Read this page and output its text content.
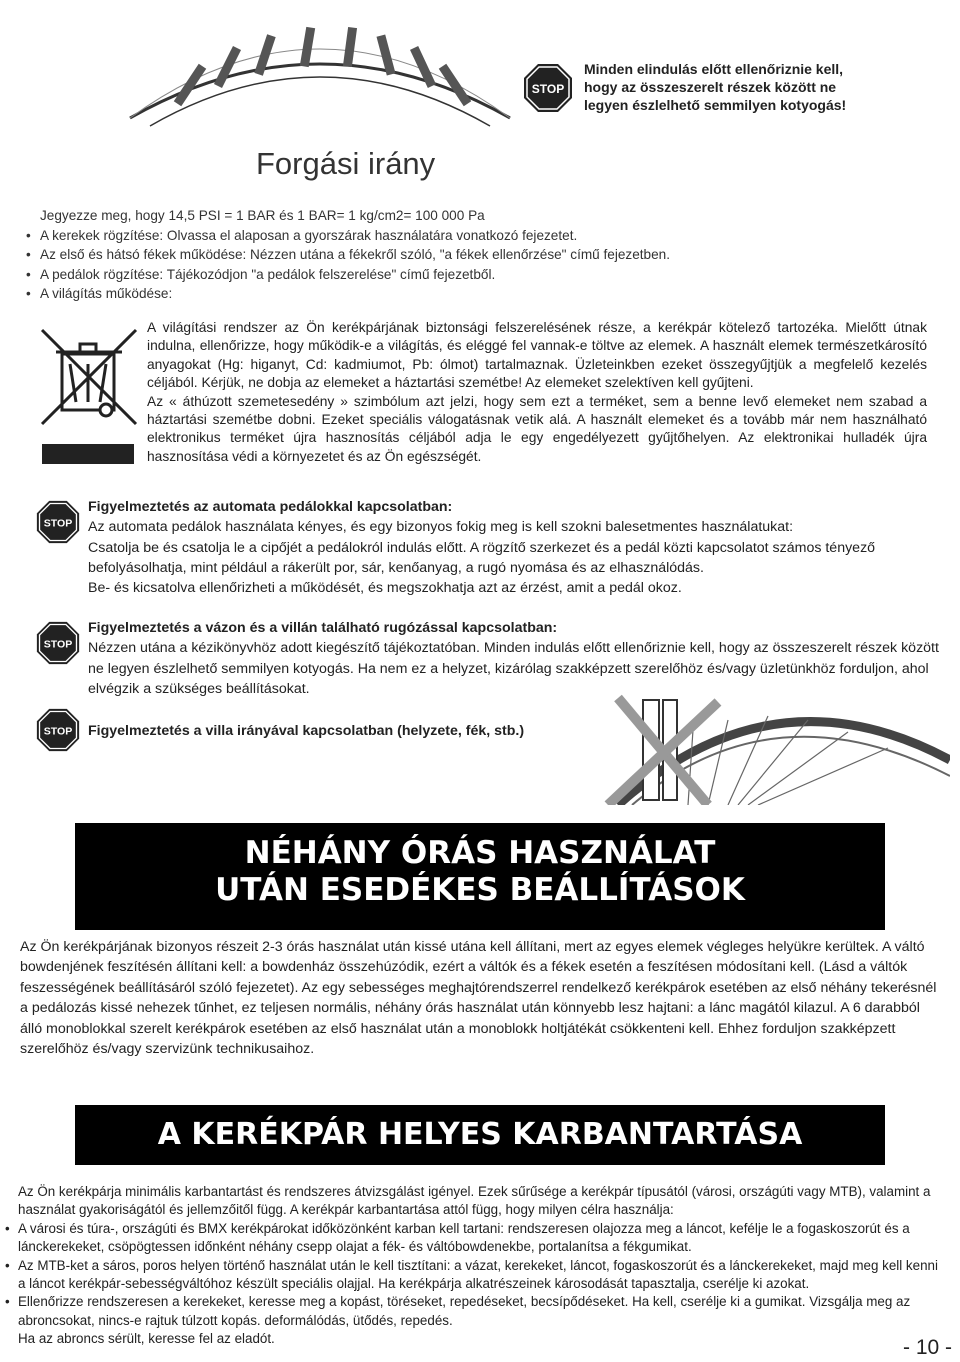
STOP
Minden elindulás előtt ellenőriznie kell,
hogy az összeszerelt részek között ne
legyen észlelhető semmilyen kotyogás!
Forgási irány

Jegyezze meg, hogy 14,5 PSI = 1 BAR és 1 BAR= 1 kg/cm2= 100 000 Pa

• A kerekek rögzítése: Olvassa el alaposan a gyorszárak használatára vonatkozó fejezetet.
• Az első és hátsó fékek működése: Nézzen utána a fékekről szóló, "a fékek ellenőrzése" című fejezetben.
• A pedálok rögzítése: Tájékozódjon "a pedálok felszerelése" című fejezetből.
• A világítás működése:

A világítási rendszer az Ön kerékpárjának biztonsági felszerelésének része, a kerékpár kötelező tartozéka. Mielőtt útnak indulna, ellenőrizze, hogy működik-e a világítás, és eléggé fel vannak-e töltve az elemek. A használt elemek természetkárosító anyagokat (Hg: higanyt, Cd: kadmiumot, Pb: ólmot) tartalmaznak. Üzleteinkben ezeket összegyűjtjük a megfelelő kezelés céljából. Kérjük, ne dobja az elemeket a háztartási szemétbe! Az elemeket szelektíven kell gyűjteni.

Az « áthúzott szemetesedény » szimbólum azt jelzi, hogy sem ezt a terméket, sem a benne levő elemeket nem szabad a háztartási szemétbe dobni. Ezeket speciális válogatásnak vetik alá. A használt elemeket és a tovább már nem használható elektronikus terméket újra hasznosítás céljából adja le egy engedélyezett gyűjtőhelyen. Az elektronikai hulladék újra hasznosítása védi a környezetet és az Ön egészségét.

STOP
Figyelmeztetés az automata pedálokkal kapcsolatban:

Az automata pedálok használata kényes, és egy bizonyos fokig meg is kell szokni balesetmentes használatukat:

Csatolja be és csatolja le a cipőjét a pedálokról indulás előtt. A rögzítő szerkezet és a pedál közti kapcsolatot számos tényező befolyásolhatja, mint például a rákerült por, sár, kenőanyag, a rugó nyomása és az elhasználódás.

Be- és kicsatolva ellenőrizheti a működését, és megszokhatja azt az érzést, amit a pedál okoz.

STOP
Figyelmeztetés a vázon és a villán található rugózással kapcsolatban:

Nézzen utána a kézikönyvhöz adott kiegészítő tájékoztatóban. Minden indulás előtt ellenőriznie kell, hogy az összeszerelt részek között ne legyen észlelhető semmilyen kotyogás. Ha nem ez a helyzet, kizárólag szakképzett szerelőhöz és/vagy üzletünkhöz forduljon, ahol elvégzik a szükséges beállításokat.

STOP Figyelmeztetés a villa irányával kapcsolatban (helyzete, fék, stb.)
NÉHÁNY ÓRÁS HASZNÁLAT
UTÁN ESEDÉKES BEÁLLÍTÁSOK

Az Ön kerékpárjának bizonyos részeit 2-3 órás használat után kissé utána kell állítani, mert az egyes elemek végleges helyükre kerültek. A váltó bowdenjének feszítésén állítani kell: a bowdenház összehúzódik, ezért a váltók és a fékek esetén a feszítésen módosítani kell. (Lásd a váltók feszességének beállításáról szóló fejezetet). Az egy sebességes meghajtórendszerrel rendelkező kerékpárok esetében az első néhány tekerésnél a pedálozás kissé nehezek tűnhet, ez teljesen normális, néhány órás használat után könnyebb lesz hajtani: a lánc magától kilazul. A 6 darabból álló monoblokkal szerelt kerékpárok esetében az első használat után a monoblokk holtjátékát csökkenteni kell. Ehhez forduljon szakképzett szerelőhöz és/vagy szervizünk technikusaihoz.

A KERÉKPÁR HELYES KARBANTARTÁSA

Az Ön kerékpárja minimális karbantartást és rendszeres átvizsgálást igényel. Ezek sűrűsége a kerékpár típusától (városi, országúti vagy MTB), valamint a használat gyakoriságától és jellemzőitől függ. A kerékpár karbantartása attól függ, hogy milyen célra használja:

• A városi és túra-, országúti és BMX kerékpárokat időközönként karban kell tartani: rendszeresen olajozza meg a láncot, kefélje le a fogaskoszorút és a lánckerekeket, csöpögtessen időnként néhány csepp olajat a fék- és váltóbowdenekbe, portalanítsa a fékgumikat.
• Az MTB-ket a sáros, poros helyen történő használat után le kell tisztítani: a vázat, kerekeket, láncot, fogaskoszorút és a lánckerekeket, majd meg kell kenni a láncot kerékpár-sebességváltóhoz készült speciális olajjal. Ha kerékpárja alkatrészeinek károsodását tapasztalja, cserélje ki azokat.
• Ellenőrizze rendszeresen a kerekeket, keresse meg a kopást, töréseket, repedéseket, becsípődéseket. Ha kell, cserélje ki a gumikat. Vizsgálja meg az abroncsokat, nincs-e rajtuk túlzott kopás. deformálódás, ütődés, repedés.

Ha az abroncs sérült, keresse fel az eladót.	- 10 -
